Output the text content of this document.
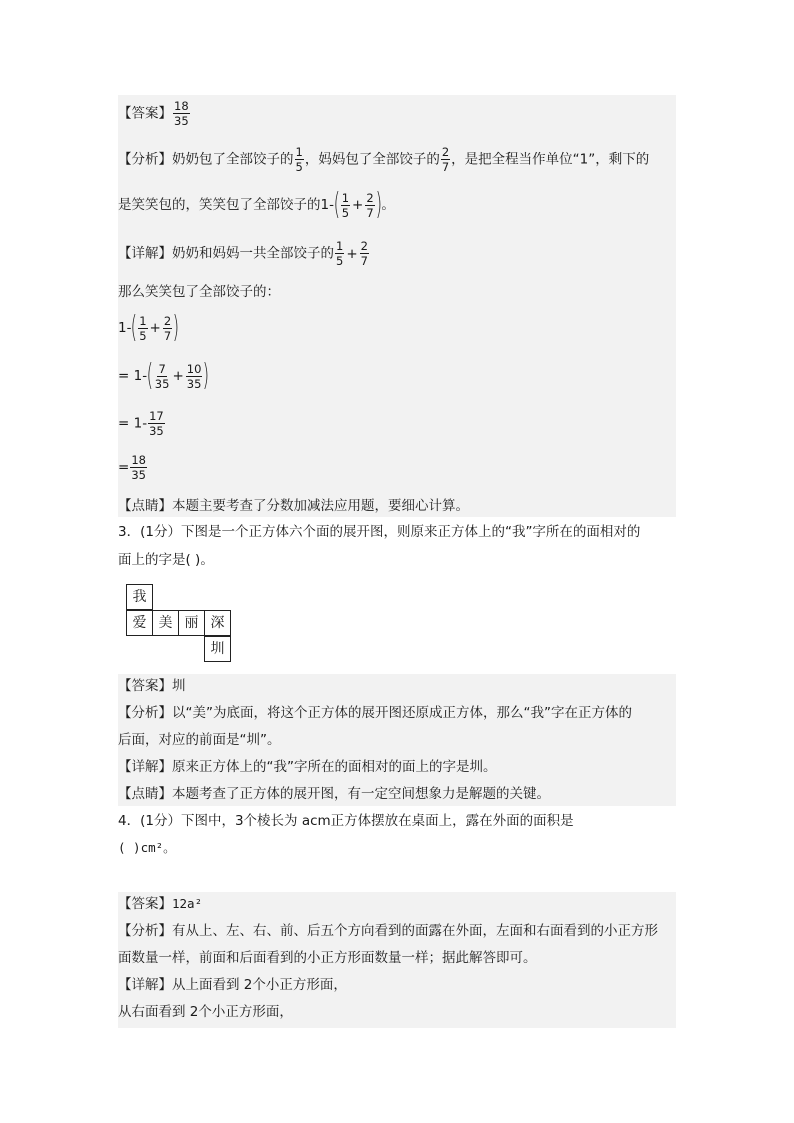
【答案】 $\frac{18}{35}$
【分析】奶奶包了全部饺子的 $\frac{1}{5}$ ，妈妈包了全部饺子的 $\frac{2}{7}$ ，是把全程当作单位“1”，剩下的
是笑笑包的，笑笑包了全部饺子的$1-( \frac{1}{5} + \frac{2}{7}$ )。
【详解】奶奶和妈妈一共全部饺子的 $\frac{1}{5} + \frac{2}{7}$
那么笑笑包了全部饺子的：
$1-( \frac{1}{5} + \frac{2}{7}$ )
= $1-( \frac{7}{35} + \frac{10}{35}$ )
= $1- \frac{17}{35}$
= $\frac{18}{35}$
【点睛】本题主要考查了分数加减法应用题，要细心计算。
3．(1分）下图是一个正方体六个面的展开图，则原来正方体上的“我”字所在的面相对的
面上的字是( )。
我
爱 美 丽 深
圳
【答案】圳
【分析】以“美”为底面，将这个正方体的展开图还原成正方体，那么“我”字在正方体的
后面，对应的前面是“圳”。
【详解】原来正方体上的“我”字所在的面相对的面上的字是圳。
【点睛】本题考查了正方体的展开图，有一定空间想象力是解题的关键。
4．(1分）下图中，3个棱长为 acm正方体摆放在桌面上，露在外面的面积是
( )cm²。
【答案】12a²
【分析】有从上、左、右、前、后五个方向看到的面露在外面，左面和右面看到的小正方形
面数量一样，前面和后面看到的小正方形面数量一样；据此解答即可。
【详解】从上面看到 2个小正方形面，
从右面看到 2个小正方形面，
